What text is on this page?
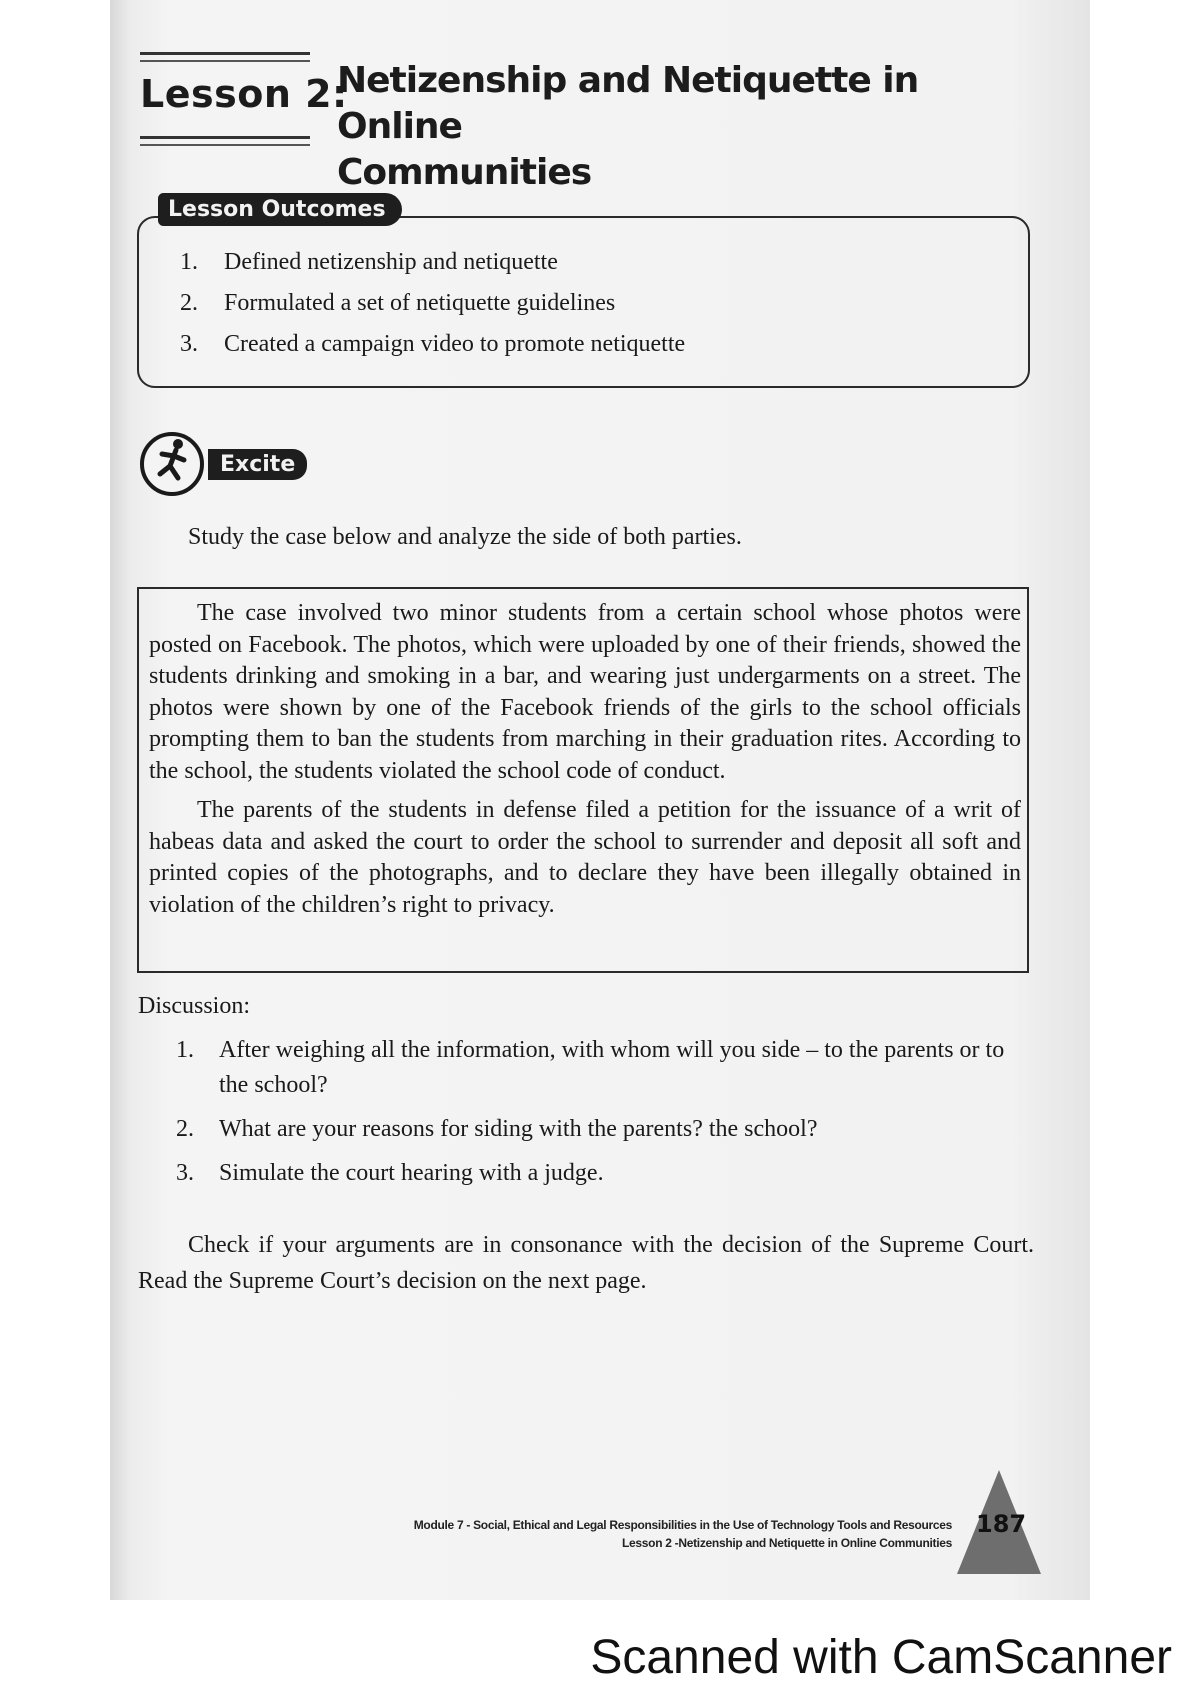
Lesson 2:
Netizenship and Netiquette in Online
Communities
Lesson Outcomes
1. Defined netizenship and netiquette
2. Formulated a set of netiquette guidelines
3. Created a campaign video to promote netiquette
Excite
Study the case below and analyze the side of both parties.

The case involved two minor students from a certain school whose photos were posted on Facebook. The photos, which were uploaded by one of their friends, showed the students drinking and smoking in a bar, and wearing just undergarments on a street. The photos were shown by one of the Facebook friends of the girls to the school officials prompting them to ban the students from marching in their graduation rites. According to the school, the students violated the school code of conduct.

The parents of the students in defense filed a petition for the issuance of a writ of habeas data and asked the court to order the school to surrender and deposit all soft and printed copies of the photographs, and to declare they have been illegally obtained in violation of the children’s right to privacy.

Discussion:
1. After weighing all the information, with whom will you side – to the parents or to the school?
2. What are your reasons for siding with the parents? the school?
3. Simulate the court hearing with a judge.
Check if your arguments are in consonance with the decision of the Supreme Court. Read the Supreme Court’s decision on the next page.
Module 7 - Social, Ethical and Legal Responsibilities in the Use of Technology Tools and Resources
Lesson 2 -Netizenship and Netiquette in Online Communities
187
Scanned with CamScanner
